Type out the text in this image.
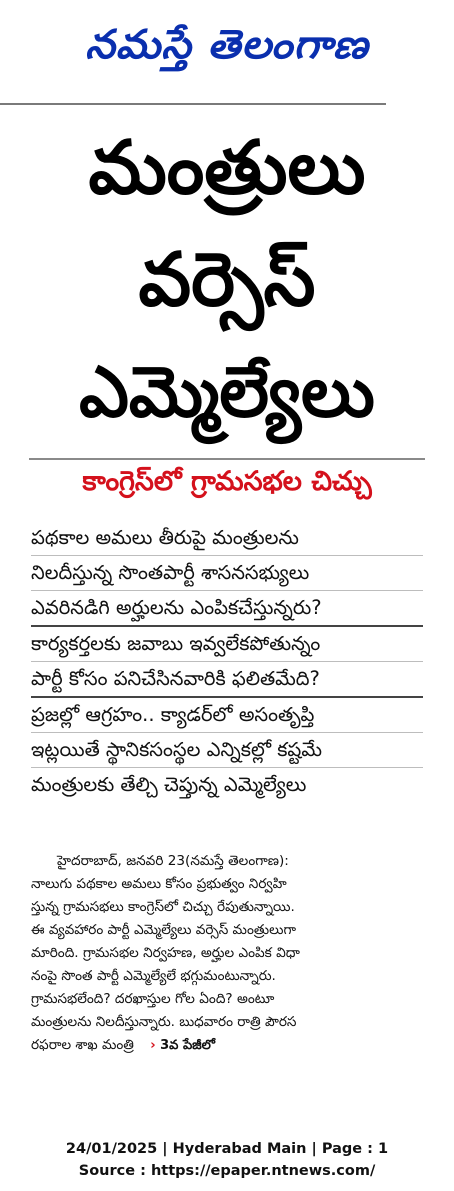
నమస్తే తెలంగాణ
మంత్రులు
వర్సెస్
ఎమ్మెల్యేలు
కాంగ్రెస్‌లో గ్రామసభల చిచ్చు
పథకాల అమలు తీరుపై మంత్రులను
నిలదీస్తున్న సొంతపార్టీ శాసనసభ్యులు
ఎవరినడిగి అర్హులను ఎంపికచేస్తున్నరు?
కార్యకర్తలకు జవాబు ఇవ్వలేకపోతున్నం
పార్టీ కోసం పనిచేసినవారికి ఫలితమేది?
ప్రజల్లో ఆగ్రహం.. క్యాడర్‌లో అసంతృప్తి
ఇట్లయితే స్థానికసంస్థల ఎన్నికల్లో కష్టమే
మంత్రులకు తేల్చి చెప్తున్న ఎమ్మెల్యేలు
హైదరాబాద్, జనవరి 23(నమస్తే తెలంగాణ):
నాలుగు పథకాల అమలు కోసం ప్రభుత్వం నిర్వహి
స్తున్న గ్రామసభలు కాంగ్రెస్‌లో చిచ్చు రేపుతున్నాయి.
ఈ వ్యవహారం పార్టీ ఎమ్మెల్యేలు వర్సెస్ మంత్రులుగా
మారింది. గ్రామసభల నిర్వహణ, అర్హుల ఎంపిక విధా
నంపై సొంత పార్టీ ఎమ్మెల్యేలే భగ్గుమంటున్నారు.
గ్రామసభలేంది? దరఖాస్తుల గోల ఏంది? అంటూ
మంత్రులను నిలదీస్తున్నారు. బుధవారం రాత్రి పౌరస
రఫరాల శాఖ మంత్రి › 3వ పేజీలో
24/01/2025 | Hyderabad Main | Page : 1
Source : https://epaper.ntnews.com/
